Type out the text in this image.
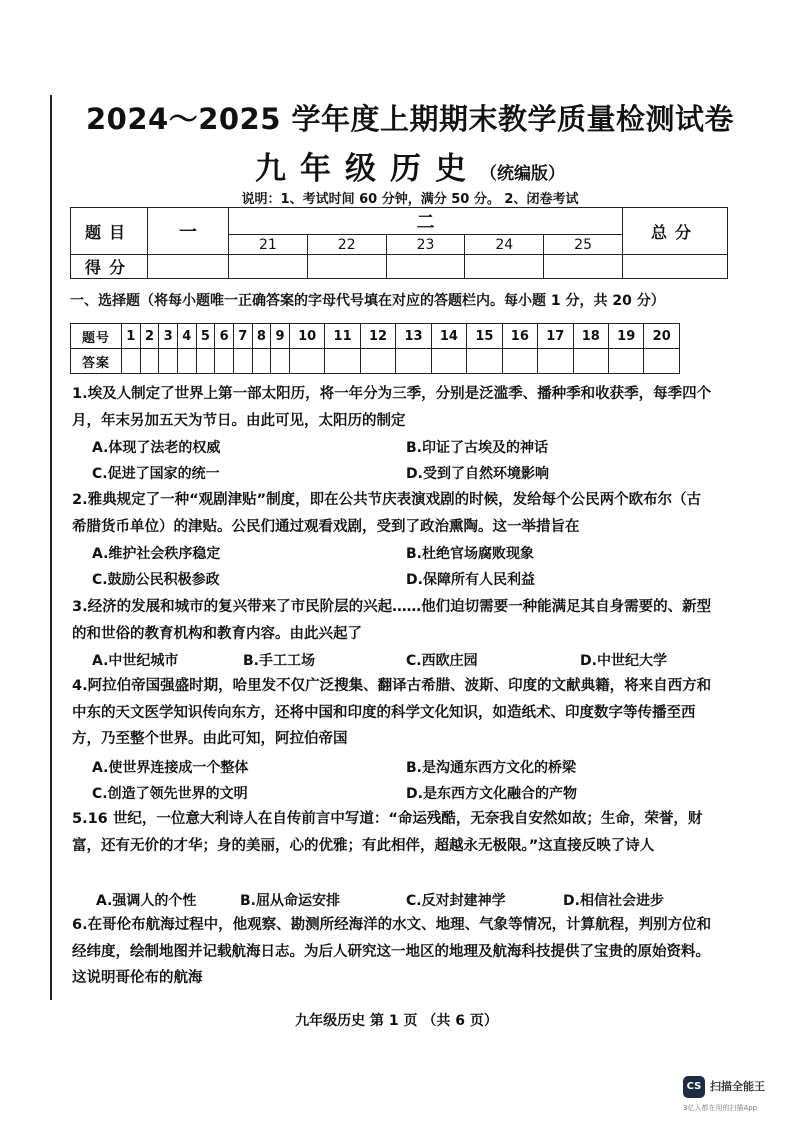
2024～2025 学年度上期期末教学质量检测试卷
九年级历史（统编版）
说明：1、考试时间 60 分钟，满分 50 分。 2、闭卷考试
题目	一	二					总分
		21	22	23	24	25	
得分							
一、选择题（将每小题唯一正确答案的字母代号填在对应的答题栏内。每小题 1 分，共 20 分）
题号	1	2	3	4	5	6	7	8	9	10	11	12	13	14	15	16	17	18	19	20
答案																				
1.埃及人制定了世界上第一部太阳历，将一年分为三季，分别是泛滥季、播种季和收获季，每季四个月，年末另加五天为节日。由此可见，太阳历的制定
A.体现了法老的权威	B.印证了古埃及的神话
C.促进了国家的统一	D.受到了自然环境影响
2.雅典规定了一种“观剧津贴”制度，即在公共节庆表演戏剧的时候，发给每个公民两个欧布尔（古希腊货币单位）的津贴。公民们通过观看戏剧，受到了政治熏陶。这一举措旨在
A.维护社会秩序稳定	B.杜绝官场腐败现象
C.鼓励公民积极参政	D.保障所有人民利益
3.经济的发展和城市的复兴带来了市民阶层的兴起……他们迫切需要一种能满足其自身需要的、新型的和世俗的教育机构和教育内容。由此兴起了
A.中世纪城市	B.手工工场	C.西欧庄园	D.中世纪大学
4.阿拉伯帝国强盛时期，哈里发不仅广泛搜集、翻译古希腊、波斯、印度的文献典籍，将来自西方和中东的天文医学知识传向东方，还将中国和印度的科学文化知识，如造纸术、印度数字等传播至西方，乃至整个世界。由此可知，阿拉伯帝国
A.使世界连接成一个整体	B.是沟通东西方文化的桥梁
C.创造了领先世界的文明	D.是东西方文化融合的产物
5.16 世纪，一位意大利诗人在自传前言中写道：“命运残酷，无奈我自安然如故；生命，荣誉，财富，还有无价的才华；身的美丽，心的优雅；有此相伴，超越永无极限。”这直接反映了诗人
A.强调人的个性	B.屈从命运安排	C.反对封建神学	D.相信社会进步
6.在哥伦布航海过程中，他观察、勘测所经海洋的水文、地理、气象等情况，计算航程，判别方位和经纬度，绘制地图并记载航海日志。为后人研究这一地区的地理及航海科技提供了宝贵的原始资料。这说明哥伦布的航海
九年级历史 第 1 页 （共 6 页）
CS 扫描全能王
3亿人都在用的扫描App
